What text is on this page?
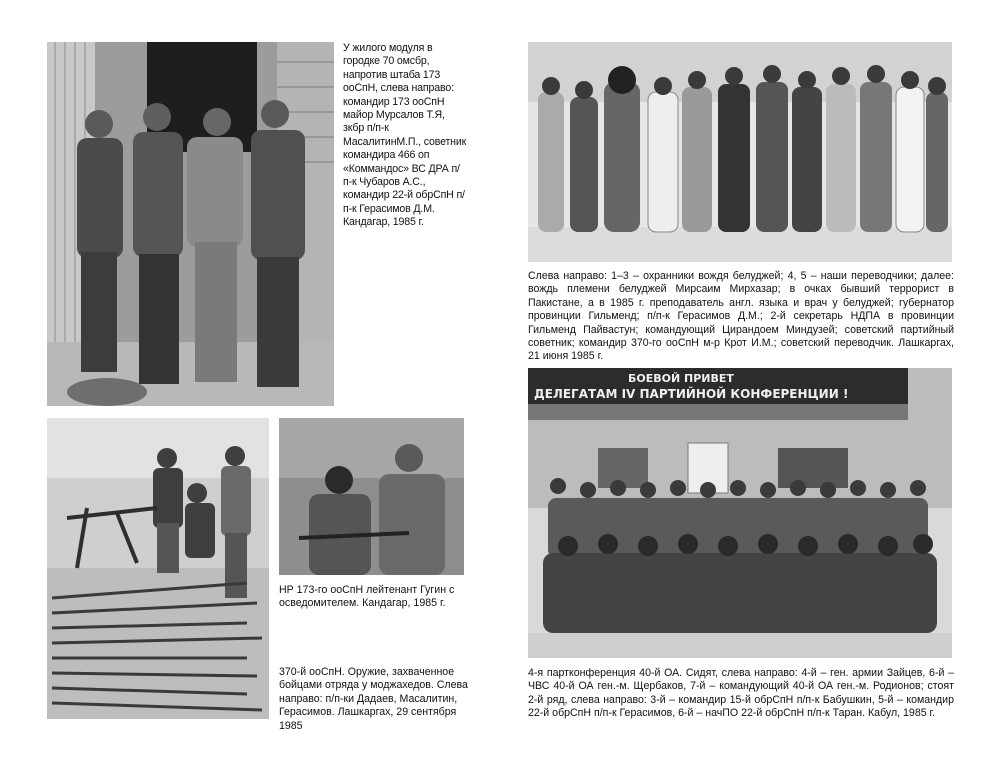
У жилого модуля в городке 70 омсбр, напротив штаба 173 ооСпН, слева направо: командир 173 ооСпН майор Мурсалов Т.Я, зкбр п/п-к МасалитинМ.П., советник командира 466 оп «Коммандос» ВС ДРА п/п-к Чубаров А.С., командир 22-й обрСпН п/п-к Герасимов Д.М. Кандагар, 1985 г.

Слева направо: 1–3 – охранники вождя белуджей; 4, 5 – наши переводчики; далее: вождь племени белуджей Мирсаим Мирхазар; в очках бывший террорист в Пакистане, а в 1985 г. преподаватель англ. языка и врач у белуджей; губернатор провинции Гильменд; п/п-к Герасимов Д.М.; 2-й секретарь НДПА в провинции Гильменд Пайвастун; командующий Цирандоем Миндузей; советский партийный советник; командир 370-го ооСпН м-р Крот И.М.; советский переводчик. Лашкаргах, 21 июня 1985 г.

НР 173-го ооСпН лейтенант Гугин с осведомителем. Кандагар, 1985 г.

370-й ооСпН. Оружие, захваченное бойцами отряда у моджахедов. Слева направо: п/п-ки Дадаев, Масалитин, Герасимов. Лашкаргах, 29 сентября 1985

БОЕВОЙ ПРИВЕТ
ДЕЛЕГАТАМ IV ПАРТИЙНОЙ КОНФЕРЕНЦИИ !

4-я партконференция 40-й ОА. Сидят, слева направо: 4-й – ген. армии Зайцев, 6-й – ЧВС 40-й ОА ген.-м. Щербаков, 7-й – командующий 40-й ОА ген.-м. Родионов; стоят 2-й ряд, слева направо: 3-й – командир 15-й обрСпН п/п-к Бабушкин, 5-й – командир 22-й обрСпН п/п-к Герасимов, 6-й – начПО 22-й обрСпН п/п-к Таран. Кабул, 1985 г.
